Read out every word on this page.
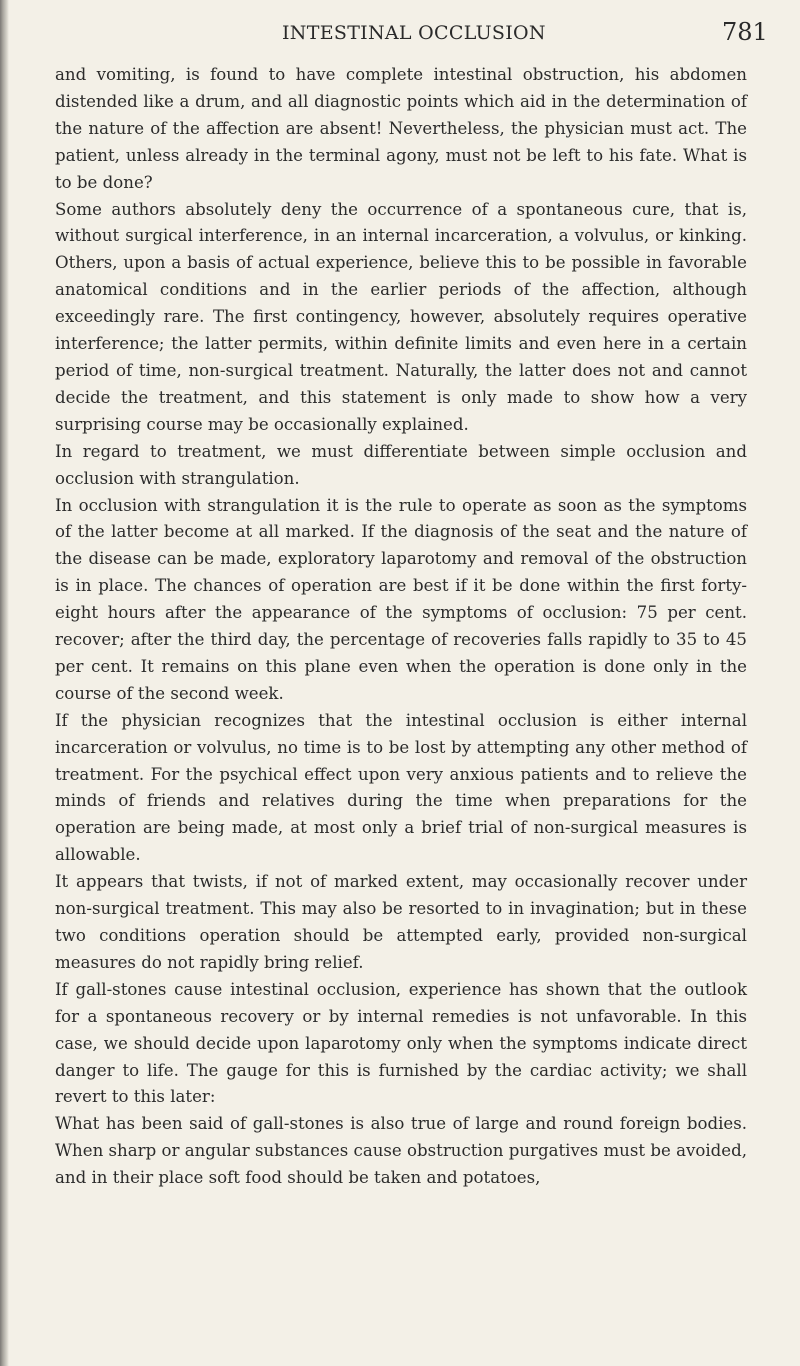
INTESTINAL OCCLUSION	781

and vomiting, is found to have complete intestinal obstruction, his abdomen distended like a drum, and all diagnostic points which aid in the determination of the nature of the affection are absent! Nevertheless, the physician must act. The patient, unless already in the terminal agony, must not be left to his fate. What is to be done?

Some authors absolutely deny the occurrence of a spontaneous cure, that is, without surgical interference, in an internal incarceration, a volvulus, or kinking. Others, upon a basis of actual experience, believe this to be possible in favorable anatomical conditions and in the earlier periods of the affection, although exceedingly rare. The first contingency, however, absolutely requires operative interference; the latter permits, within definite limits and even here in a certain period of time, non-surgical treatment. Naturally, the latter does not and cannot decide the treatment, and this statement is only made to show how a very surprising course may be occasionally explained.

In regard to treatment, we must differentiate between simple occlusion and occlusion with strangulation.

In occlusion with strangulation it is the rule to operate as soon as the symptoms of the latter become at all marked. If the diagnosis of the seat and the nature of the disease can be made, exploratory laparotomy and removal of the obstruction is in place. The chances of operation are best if it be done within the first forty-eight hours after the appearance of the symptoms of occlusion: 75 per cent. recover; after the third day, the percentage of recoveries falls rapidly to 35 to 45 per cent. It remains on this plane even when the operation is done only in the course of the second week.

If the physician recognizes that the intestinal occlusion is either internal incarceration or volvulus, no time is to be lost by attempting any other method of treatment. For the psychical effect upon very anxious patients and to relieve the minds of friends and relatives during the time when preparations for the operation are being made, at most only a brief trial of non-surgical measures is allowable.

It appears that twists, if not of marked extent, may occasionally recover under non-surgical treatment. This may also be resorted to in invagination; but in these two conditions operation should be attempted early, provided non-surgical measures do not rapidly bring relief.

If gall-stones cause intestinal occlusion, experience has shown that the outlook for a spontaneous recovery or by internal remedies is not unfavorable. In this case, we should decide upon laparotomy only when the symptoms indicate direct danger to life. The gauge for this is furnished by the cardiac activity; we shall revert to this later:

What has been said of gall-stones is also true of large and round foreign bodies. When sharp or angular substances cause obstruction purgatives must be avoided, and in their place soft food should be taken and potatoes,
